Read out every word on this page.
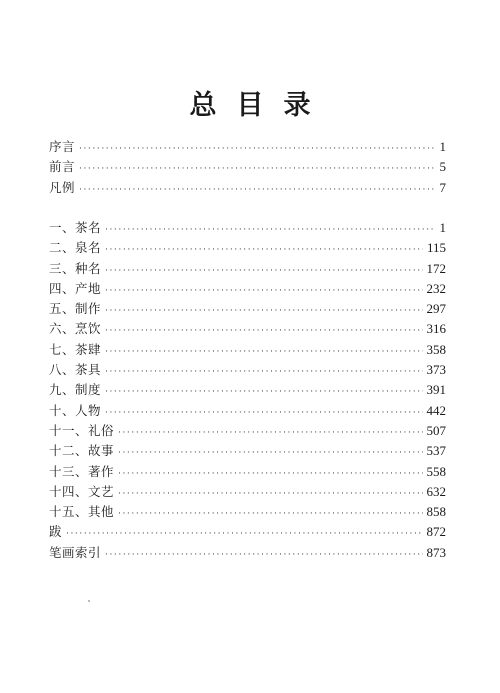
总目录
序言 ·····	1
前言 ·····	5
凡例 ·····	7
一、茶名 ·····	1
二、泉名 ·····	115
三、种名 ·····	172
四、产地 ·····	232
五、制作 ·····	297
六、烹饮 ·····	316
七、茶肆 ·····	358
八、茶具 ·····	373
九、制度 ·····	391
十、人物 ·····	442
十一、礼俗 ·····	507
十二、故事 ·····	537
十三、著作 ·····	558
十四、文艺 ·····	632
十五、其他 ·····	858
跋 ·····	872
笔画索引 ·····	873
